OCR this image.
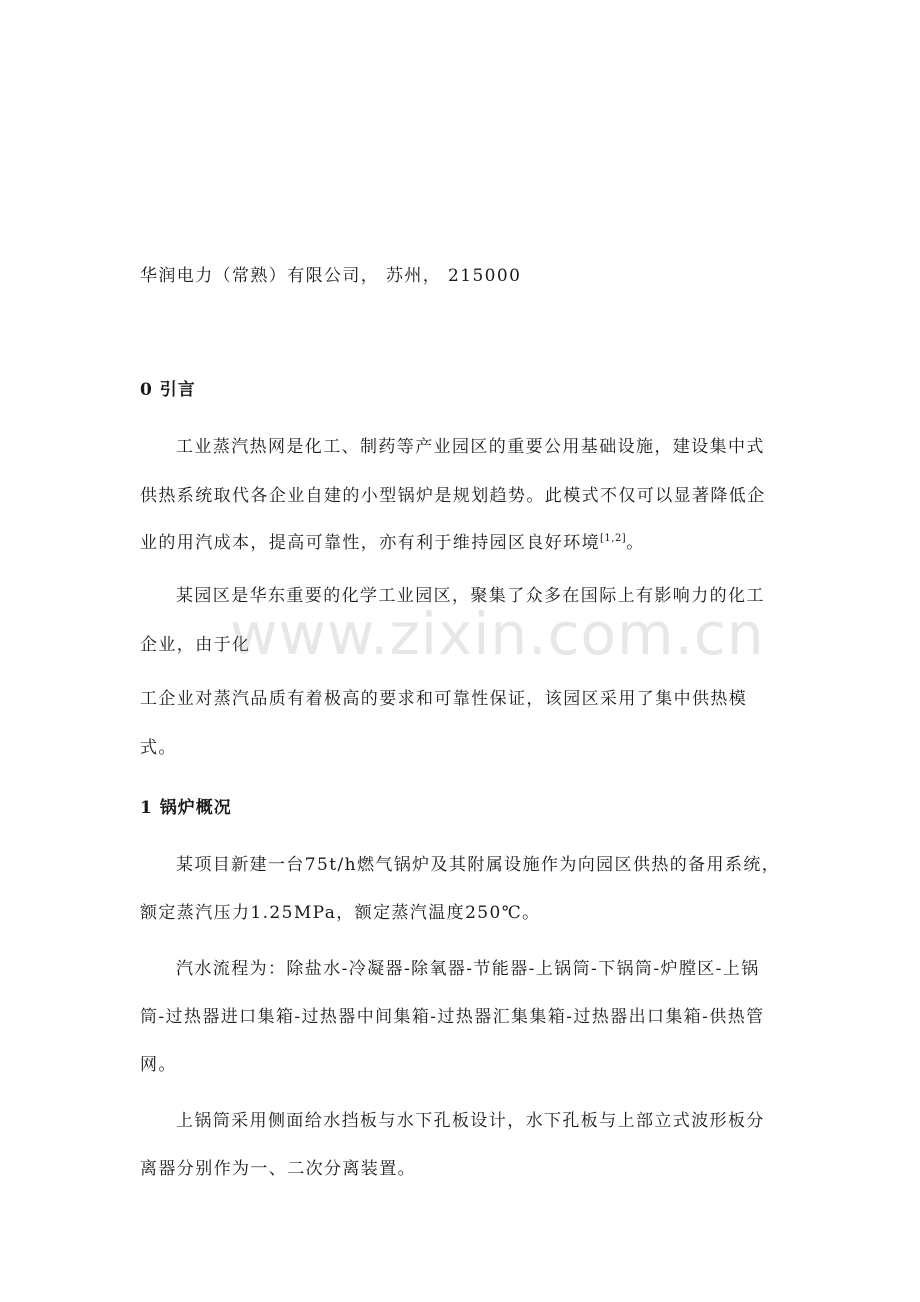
华润电力（常熟）有限公司， 苏州， 215000
0 引言
工业蒸汽热网是化工、制药等产业园区的重要公用基础设施，建设集中式
供热系统取代各企业自建的小型锅炉是规划趋势。此模式不仅可以显著降低企
业的用汽成本，提高可靠性，亦有利于维持园区良好环境[1,2]。
某园区是华东重要的化学工业园区，聚集了众多在国际上有影响力的化工
企业，由于化
工企业对蒸汽品质有着极高的要求和可靠性保证，该园区采用了集中供热模
式。
1 锅炉概况
某项目新建一台75t/h燃气锅炉及其附属设施作为向园区供热的备用系统，
额定蒸汽压力1.25MPa，额定蒸汽温度250℃。
汽水流程为：除盐水-冷凝器-除氧器-节能器-上锅筒-下锅筒-炉膛区-上锅
筒-过热器进口集箱-过热器中间集箱-过热器汇集集箱-过热器出口集箱-供热管
网。
上锅筒采用侧面给水挡板与水下孔板设计，水下孔板与上部立式波形板分
离器分别作为一、二次分离装置。
www.zixin.com.cn
